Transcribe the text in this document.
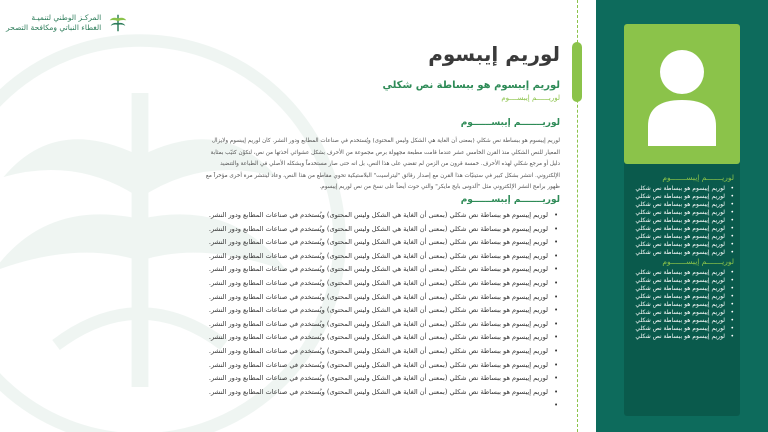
المركـز الوطني لتنميـة
الغطاء النباتي ومكافحة التصحر
لوريم إيبسوم
لوريم إيبسوم هو ببساطة نص شكلي
لوريــــــم إيبســــوم
لوريـــــــم إيبســــــوم

لوريم إيبسوم هو ببساطة نص شكلي (بمعنى أن الغاية هي الشكل وليس المحتوى) ويُستخدم في صناعات المطابع ودور النشر. كان لوريم إيبسوم ولايزال المعيار للنص الشكلي منذ القرن الخامس عشر عندما قامت مطبعة مجهولة برص مجموعة من الأحرف بشكل عشوائي أخذتها من نص، لتكوّن كتيّب بمثابة دليل أو مرجع شكلي لهذه الأحرف. خمسة قرون من الزمن لم تقضي على هذا النص، بل انه حتى صار مستخدماً وبشكله الأصلي في الطباعة والتنضيد الإلكتروني. انتشر بشكل كبير في ستينيّات هذا القرن مع إصدار رقائق "ليتراسيت" البلاستيكية تحوي مقاطع من هذا النص، وعاد لينتشر مرة أخرى مؤخراَ مع ظهور برامج النشر الإلكتروني مثل "ألدوس بايج مايكر" والتي حوت أيضاً على نسخ من نص لوريم إيبسوم.

لوريـــــــم إيبســــــوم
• لوريم إيبسوم هو ببساطة نص شكلي (بمعنى أن الغاية هي الشكل وليس المحتوى) ويُستخدم في صناعات المطابع ودور النشر.
• لوريم إيبسوم هو ببساطة نص شكلي (بمعنى أن الغاية هي الشكل وليس المحتوى) ويُستخدم في صناعات المطابع ودور النشر.
• لوريم إيبسوم هو ببساطة نص شكلي (بمعنى أن الغاية هي الشكل وليس المحتوى) ويُستخدم في صناعات المطابع ودور النشر.
• لوريم إيبسوم هو ببساطة نص شكلي (بمعنى أن الغاية هي الشكل وليس المحتوى) ويُستخدم في صناعات المطابع ودور النشر.
• لوريم إيبسوم هو ببساطة نص شكلي (بمعنى أن الغاية هي الشكل وليس المحتوى) ويُستخدم في صناعات المطابع ودور النشر.
• لوريم إيبسوم هو ببساطة نص شكلي (بمعنى أن الغاية هي الشكل وليس المحتوى) ويُستخدم في صناعات المطابع ودور النشر.
• لوريم إيبسوم هو ببساطة نص شكلي (بمعنى أن الغاية هي الشكل وليس المحتوى) ويُستخدم في صناعات المطابع ودور النشر.
• لوريم إيبسوم هو ببساطة نص شكلي (بمعنى أن الغاية هي الشكل وليس المحتوى) ويُستخدم في صناعات المطابع ودور النشر.
• لوريم إيبسوم هو ببساطة نص شكلي (بمعنى أن الغاية هي الشكل وليس المحتوى) ويُستخدم في صناعات المطابع ودور النشر.
• لوريم إيبسوم هو ببساطة نص شكلي (بمعنى أن الغاية هي الشكل وليس المحتوى) ويُستخدم في صناعات المطابع ودور النشر.
• لوريم إيبسوم هو ببساطة نص شكلي (بمعنى أن الغاية هي الشكل وليس المحتوى) ويُستخدم في صناعات المطابع ودور النشر.
• لوريم إيبسوم هو ببساطة نص شكلي (بمعنى أن الغاية هي الشكل وليس المحتوى) ويُستخدم في صناعات المطابع ودور النشر.
• لوريم إيبسوم هو ببساطة نص شكلي (بمعنى أن الغاية هي الشكل وليس المحتوى) ويُستخدم في صناعات المطابع ودور النشر.
• لوريم إيبسوم هو ببساطة نص شكلي (بمعنى أن الغاية هي الشكل وليس المحتوى) ويُستخدم في صناعات المطابع ودور النشر.
لوريـــــــم إيبســـــــوم
• لوريم إيبسوم هو ببساطة نص شكلي
• لوريم إيبسوم هو ببساطة نص شكلي
• لوريم إيبسوم هو ببساطة نص شكلي
• لوريم إيبسوم هو ببساطة نص شكلي
• لوريم إيبسوم هو ببساطة نص شكلي
• لوريم إيبسوم هو ببساطة نص شكلي
• لوريم إيبسوم هو ببساطة نص شكلي
• لوريم إيبسوم هو ببساطة نص شكلي
• لوريم إيبسوم هو ببساطة نص شكلي
لوريـــــــم إيبســـــــوم
• لوريم إيبسوم هو ببساطة نص شكلي
• لوريم إيبسوم هو ببساطة نص شكلي
• لوريم إيبسوم هو ببساطة نص شكلي
• لوريم إيبسوم هو ببساطة نص شكلي
• لوريم إيبسوم هو ببساطة نص شكلي
• لوريم إيبسوم هو ببساطة نص شكلي
• لوريم إيبسوم هو ببساطة نص شكلي
• لوريم إيبسوم هو ببساطة نص شكلي
• لوريم إيبسوم هو ببساطة نص شكلي
